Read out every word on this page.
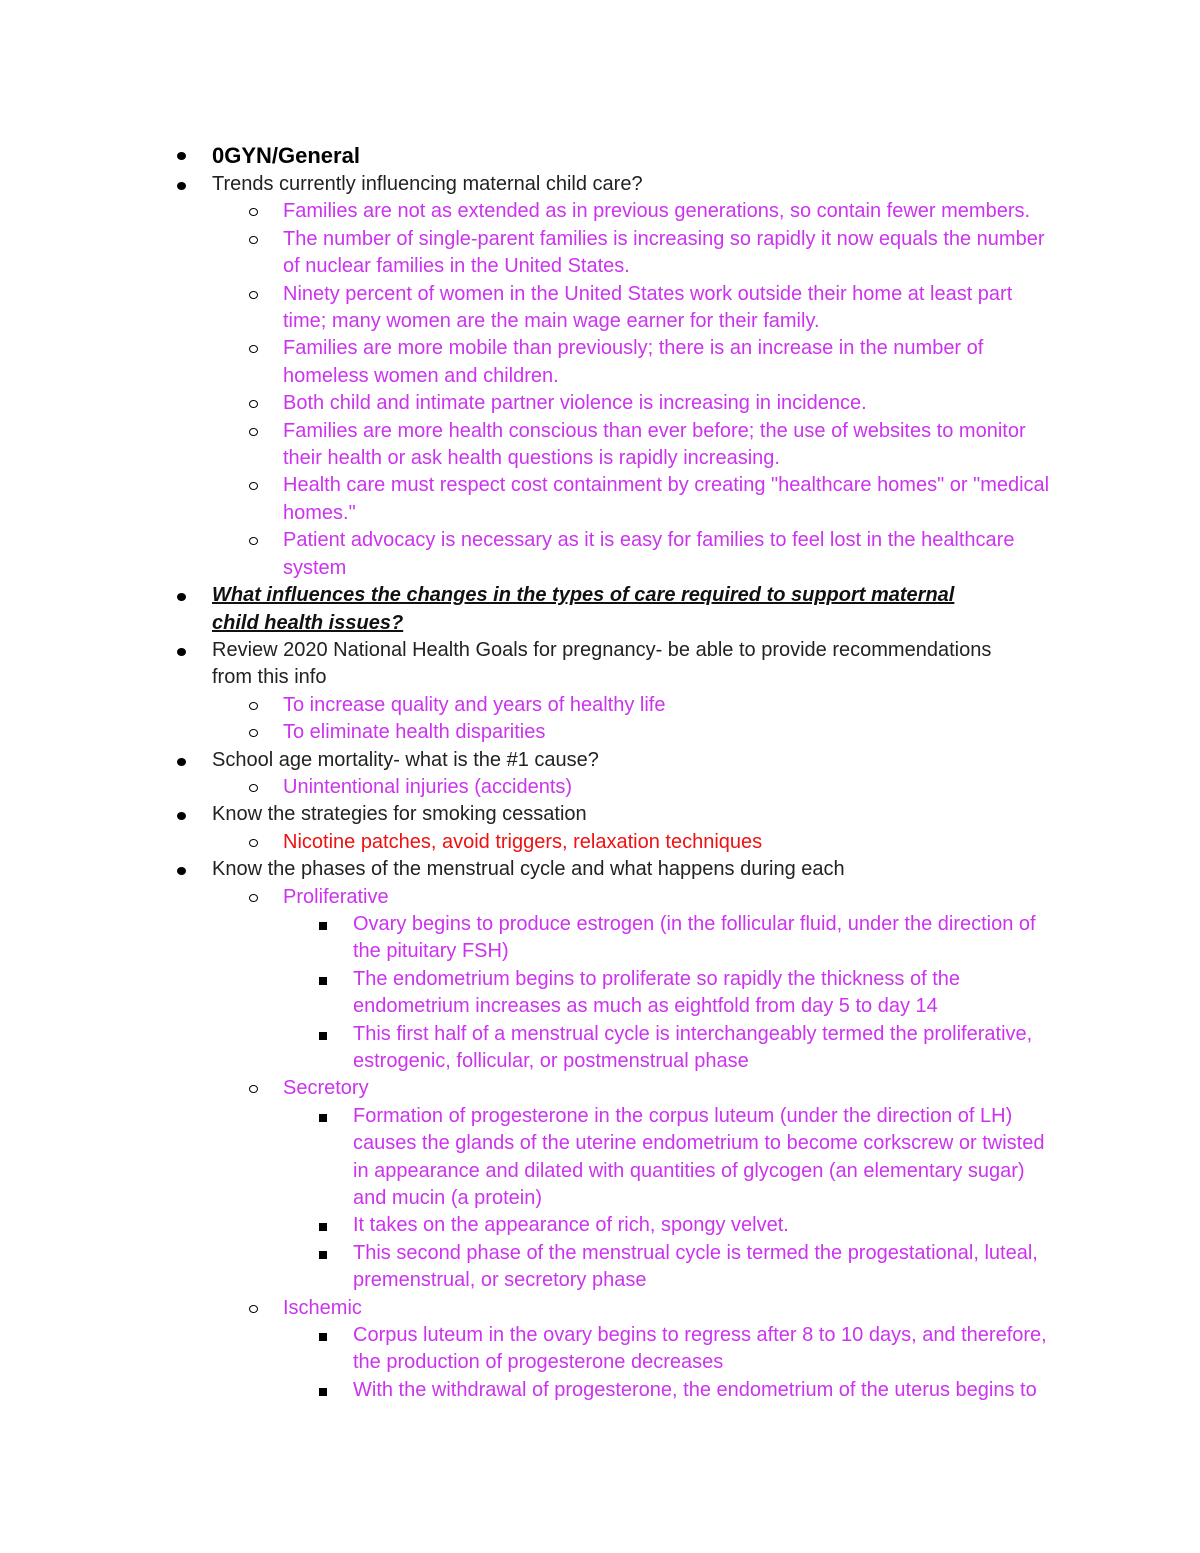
0GYN/General
Trends currently influencing maternal child care?
Families are not as extended as in previous generations, so contain fewer members.
The number of single-parent families is increasing so rapidly it now equals the number of nuclear families in the United States.
Ninety percent of women in the United States work outside their home at least part time; many women are the main wage earner for their family.
Families are more mobile than previously; there is an increase in the number of homeless women and children.
Both child and intimate partner violence is increasing in incidence.
Families are more health conscious than ever before; the use of websites to monitor their health or ask health questions is rapidly increasing.
Health care must respect cost containment by creating "healthcare homes" or "medical homes."
Patient advocacy is necessary as it is easy for families to feel lost in the healthcare system
What influences the changes in the types of care required to support maternal child health issues?
Review 2020 National Health Goals for pregnancy- be able to provide recommendations from this info
To increase quality and years of healthy life
To eliminate health disparities
School age mortality- what is the #1 cause?
Unintentional injuries (accidents)
Know the strategies for smoking cessation
Nicotine patches, avoid triggers, relaxation techniques
Know the phases of the menstrual cycle and what happens during each
Proliferative
Ovary begins to produce estrogen (in the follicular fluid, under the direction of the pituitary FSH)
The endometrium begins to proliferate so rapidly the thickness of the endometrium increases as much as eightfold from day 5 to day 14
This first half of a menstrual cycle is interchangeably termed the proliferative, estrogenic, follicular, or postmenstrual phase
Secretory
Formation of progesterone in the corpus luteum (under the direction of LH) causes the glands of the uterine endometrium to become corkscrew or twisted in appearance and dilated with quantities of glycogen (an elementary sugar) and mucin (a protein)
It takes on the appearance of rich, spongy velvet.
This second phase of the menstrual cycle is termed the progestational, luteal, premenstrual, or secretory phase
Ischemic
Corpus luteum in the ovary begins to regress after 8 to 10 days, and therefore, the production of progesterone decreases
With the withdrawal of progesterone, the endometrium of the uterus begins to
